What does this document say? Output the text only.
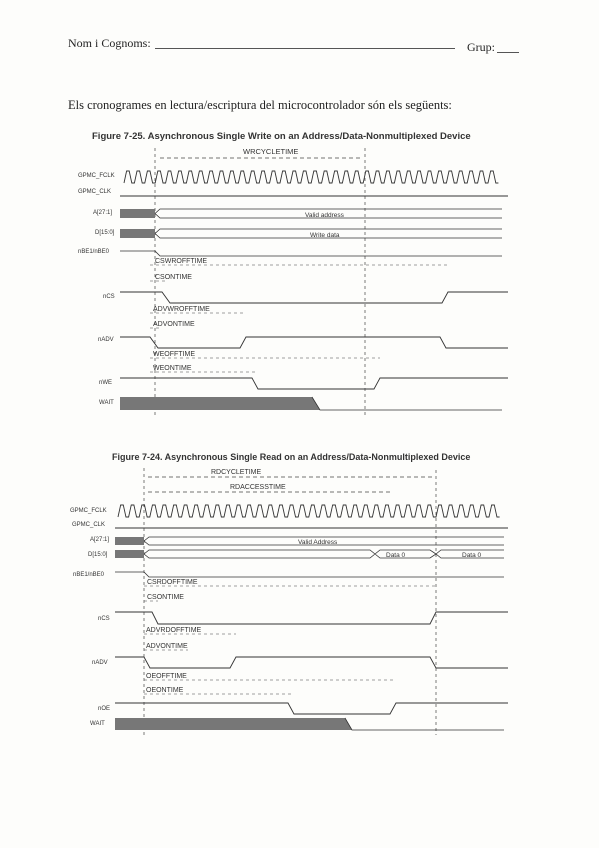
Nom i Cognoms:	Grup:
Els cronogrames en lectura/escriptura del microcontrolador són els següents:
Figure 7-25. Asynchronous Single Write on an Address/Data-Nonmultiplexed Device
Figure 7-24. Asynchronous Single Read on an Address/Data-Nonmultiplexed Device
WRCYCLETIME
GPMC_FCLK
GPMC_CLK
A[27:1]
D[15:0]
nBE1/nBE0
nCS
nADV
nWE
WAIT
Valid address
Write data
CSWROFFTIME
CSONTIME
ADVWROFFTIME
ADVONTIME
WEOFFTIME
WEONTIME
RDCYCLETIME
RDACCESSTIME
GPMC_FCLK
GPMC_CLK
A[27:1]
D[15:0]
nBE1/nBE0
nCS
nADV
nOE
WAIT
Valid Address
Data 0	Data 0
CSRDOFFTIME
CSONTIME
ADVRDOFFTIME
ADVONTIME
OEOFFTIME
OEONTIME
